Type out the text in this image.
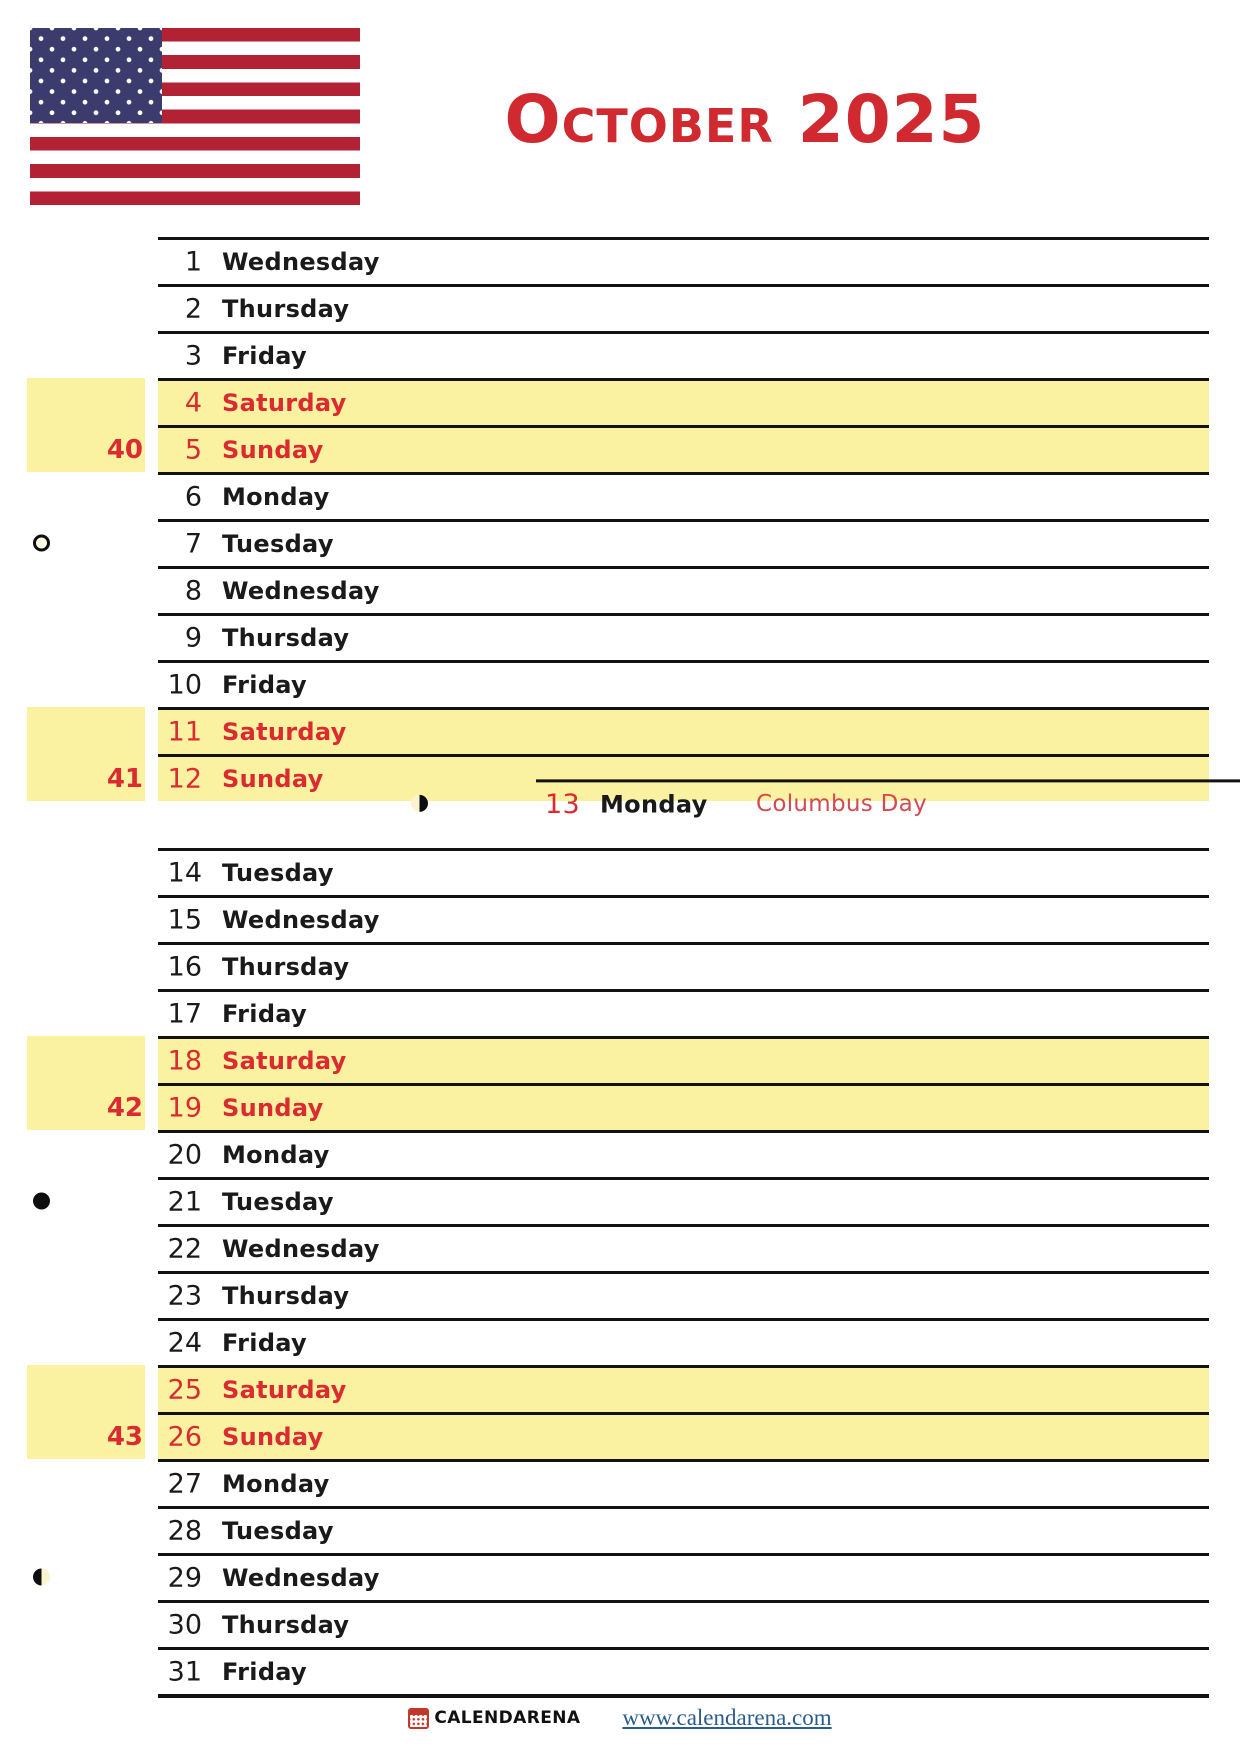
October 2025
1 Wednesday
2 Thursday
3 Friday
4 Saturday
40	5 Sunday
6 Monday
7 Tuesday
8 Wednesday
9 Thursday
10 Friday
11 Saturday
41 12 Sunday
13 Monday Columbus Day
14 Tuesday
15 Wednesday
16 Thursday
17 Friday
18 Saturday
42 19 Sunday
20 Monday
21 Tuesday
22 Wednesday
23 Thursday
24 Friday
25 Saturday
43 26 Sunday
27 Monday
28 Tuesday
29 Wednesday
30 Thursday
31 Friday
CALENDARENA www.calendarena.com
